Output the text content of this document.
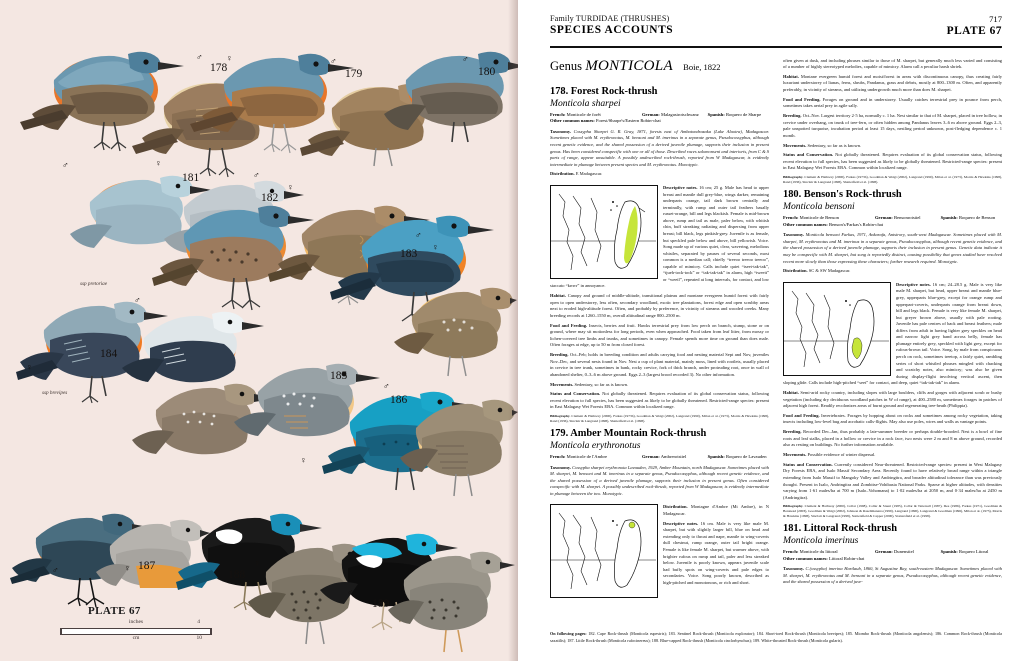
178	179	180
181
182
183
184
185
186
187
188
189
♂	♀	♂	♂
♂	♀
♂
♀
♂
♀
♂
♀
♂
♀
♂	♀	♀
♂
ssp pretoriae
ssp brevipes
PLATE 67
inches	4
cm	10
Family TURDIDAE (THRUSHES)
SPECIES ACCOUNTS
717
PLATE 67
Genus MONTICOLA Boie, 1822
178. Forest Rock-thrush
Monticola sharpei
French: Monticole de forêt	German: Malagasirotschwanz	Spanish: Roquero de Sharpe
Other common names: Forest/Sharpe's/Eastern Robin-chat

Taxonomy. Cossypha Sharpei G. R. Gray, 1871, forests east of Ambatondrazaka (Lake Alaotra), Madagascar. Sometimes placed with M. erythronotus, M. bensoni and M. imerinus in a separate genus, Pseudocossyphus, although recent genetic evidence, and the shared possession of a derived juvenile plumage, supports their inclusion in present genus. Has been considered conspecific with one or all of those. Described races salomonseni and interioris, from C & S parts of range, appear unsuitable. A possibly undescribed rock-thrush, reported from W Madagascar, is evidently intermediate in plumage between present species and M. erythronotus. Monotypic.

Distribution. E Madagascar.

Descriptive notes. 16 cm; 25 g. Male has head to upper breast and mantle dull grey-blue, wings darker, remaining underparts orange, tail dark brown centrally and terminally, with rump and outer tail feathers basally russet-orange, bill and legs blackish. Female is mid-brown above, rump and tail as male, paler below, with whitish chin, buff streaking radiating and dispersing from upper breast; bill black, legs pinkish-grey. Juvenile is as female, but speckled pale below and above, bill yellowish. Voice. Song made up of various quiet, clear, wavering, melodious whistles, separated by pauses of several seconds, most common is a median call; chiefly “treeoo treeoo treeoo”, capable of mimicry. Calls include quiet “tseet-tak-tak”, “tjueh-tock-tock” or “tak-tak-tak” in alarm, high “tweeit” or “weeil”, repeated at long intervals, for contact, and low staccato “krrrrr” in annoyance.

Habitat. Canopy and ground of middle-altitude, transitional plateau and montane evergreen humid forest with fairly open to open understorey, less often, secondary woodland, exotic tree plantations, forest edge and open scrubby areas next to eroded high-altitude forest. Often, and probably by preference, in vicinity of streams and wooded creeks. Many breeding records at 1260–1550 m, overall altitudinal range 800–2500 m.

Food and Feeding. Insects, berries and fruit. Hawks terrestrial prey from low perch on branch, stump, stone or on ground, where may sit motionless for long periods, even when approached. Food taken from leaf litter, from mossy or lichen-covered tree limbs and trunks, and sometimes in canopy. Female spends more time on ground than does male. Often forages at edge, up to 50 m from closed forest.

Breeding. Oct–Feb; holds in breeding condition and adults carrying food and nesting material Sept and Nov, juveniles Nov–Dec, and several nests found in Nov. Nest a cup of plant material, mainly moss, lined with rootlets, usually placed in crevice in tree trunk, sometimes in bank, rocky crevice, fork of thick branch, under protruding root, once in wall of abandoned shelter, 0–3–6 m above ground. Eggs 2–3 (largest brood recorded 3). No other information.

Movements. Sedentary, so far as is known.

Status and Conservation. Not globally threatened. Requires evaluation of its global conservation status, following recent elevation to full species, has been suggested as likely to be globally threatened. Restricted-range species: present in East Malagasy Wet Forests EBA. Common within localized range.

Bibliography. Clement & Hathway (2000), Farkas (1973b), Goodman & Weigt (2002), Langrand (1990), Milon et al. (1973), Morris & Hawkins (1998), Rand (1936), Sinclair & Langrand (1998), Shatterfield et al. (1998).

179. Amber Mountain Rock-thrush
Monticola erythronotus
French: Monticole de l'Ambre	German: Ambrerotstiel	Spanish: Roquero de Lavauden

Taxonomy. Cossypha sharpei erythronota Lavauden, 1929, Amber Mountain, north Madagascar. Sometimes placed with M. sharpei, M. bensoni and M. imerinus in a separate genus, Pseudocossyphus, although recent genetic evidence, and the shared possession of a derived juvenile plumage, supports their inclusion in present genus. Often considered conspecific with M. sharpei. A possibly undescribed rock-thrush, reported from W Madagascar, is evidently intermediate in plumage between the two. Monotypic.

Distribution. Montagne d'Ambre (Mt Ambre), in N Madagascar.

Descriptive notes. 16 cm. Male is very like male M. sharpei, but with slightly larger bill, blue on head and extending only to throat and nape, mantle to wing-coverts dull chestnut, rump orange, outer tail bright orange. Female is like female M. sharpei, but warmer above, with brighter rufous on rump and tail, paler and less streaked below. Juvenile is poorly known, appears juvenile scale had buffy spots on wing-coverts and pale edges to secondaries. Voice. Song poorly known, described as high-pitched and monotonous, or rich and short.

often given at dusk, and including phrases similar to those of M. sharpei, but generally much less varied and consisting of a number of highly stereotyped melodies, capable of mimicry. Alarm call a peculiar harsh shriek.

Habitat. Montane evergreen humid forest and moist/forest in areas with discontinuous canopy, thus creating fairly luxuriant understorey of lianas, ferns, shrubs, Pandanus, grass and debris, mostly at 800–1300 m. Often, and apparently preferably, in vicinity of streams, and utilizing undergrowth much more than does M. sharpei.

Food and Feeding. Forages on ground and in understorey. Usually catches terrestrial prey in pounce from perch, sometimes takes aerial prey in agile sally.

Breeding. Oct–Nov. Largest territory 2·5 ha, normally c. 1 ha. Nest similar to that of M. sharpei, placed in tree hollow, in crevice under overhang, on trunk of tree-fern, or often hidden among Pandanus leaves 3–6 m above ground. Eggs 2–3, pale unspotted turquoise, incubation period at least 15 days, nestling period unknown, post-fledging dependence c. 1 month.

Movements. Sedentary, so far as is known.

Status and Conservation. Not globally threatened. Requires evaluation of its global conservation status, following recent elevation to full species, has been suggested as likely to be globally threatened. Restricted-range species: present in East Malagasy Wet Forests EBA. Common within localized range.

Bibliography. Clement & Hathway (2000), Farkas (1973b), Goodman & Weigt (2002), Langrand (1990), Milon et al. (1973), Morris & Hawkins (1998), Rand (1936), Sinclair & Langrand (1998), Shatterfield et al. (1998).

180. Benson's Rock-thrush
Monticola bensoni
French: Monticole de Benson	German: Bensonrotstiel	Spanish: Roquero de Benson
Other common names: Benson's/Farkas's Robin-chat

Taxonomy. Monticola bensoni Farkas, 1971, Ankarafa, Antsirory, south-west Madagascar. Sometimes placed with M. sharpei, M. erythronotus and M. imerinus in a separate genus, Pseudocossyphus, although recent genetic evidence, and the shared possession of a derived juvenile plumage, supports their inclusion in present genus. Genetic data indicate it may be conspecific with M. sharpei, but song is reportedly distinct, causing possibility that genes studied have resolved recent more slowly than those expressing these characters; further research required. Monotypic.

Distribution. SC & SW Madagascar.

Descriptive notes. 16 cm; 24–28.5 g. Male is very like male M. sharpei, but head, upper breast and mantle blue-grey, upperparts blue-grey, except for orange rump and upperpart-coverts, underparts orange from breast down, bill and legs black. Female is very like female M. sharpei, but greyer brown above, usually with pale rooting. Juvenile has pale centres of back and breast feathers; male differs from adult in having lighter grey speckles on head and narrow light grey band across belly, female has plumage entirely grey, speckled with light grey, except for rufous-brown tail. Voice. Song, by male from conspicuous perch on rock, sometimes treetop, a fairly quiet, rambling series of short whistled phrases mingled with chacking and scratchy notes, also mimicry; was also be given during display-flight involving vertical ascent, then sloping glide. Calls include high-pitched “seet” for contact, and deep, quiet “tak-tak-tak” in alarm.

Habitat. Semi-arid rocky country, including slopes with large boulders, cliffs and gorges with adjacent scrub or bushy vegetation (including dry deciduous woodland patches in W of range), at 400–2580 m, sometimes forages in patches of adjacent high forest. Readily recolonizes areas of burnt ground and regenerating tree-heath (Philippia).

Food and Feeding. Invertebrates. Forages by hopping about on rocks and sometimes among rocky vegetation, taking insects including low-level bug and acrobatic calls-flights. May also use poles, wires and walls as vantage points.

Breeding. Recorded Dec–Jan, thus probably a late-summer breeder or perhaps double-brooded. Nest is a bowl of fine roots and leaf stalks, placed in a hollow or crevice in a rock face, two nests were 2 m and 8 m above ground, recorded also as resting on buildings. No further information available.

Movements. Possible evidence of winter dispersal.

Status and Conservation. Currently considered Near-threatened. Restricted-range species: present in West Malagasy Dry Forests EBA, and Isalo Massif Secondary Area. Recently found to have relatively broad range within a triangle extending from Isalo Massif to Mangoky Valley and Andringitra, and broader altitudinal tolerance than was previously thought. Present in Isalo, Andringitra and Zombitse-Vohibasia National Parks. Sparse at higher altitudes, with densities varying from 1·61 males/ha at 700 m (Isalo–Vohomana) to 1·02 males/ha at 2050 m, and 0·34 males/ha at 2450 m (Andringitra).

Bibliography. Clement & Hathway (2000), Collar (1998), Collar & Stuart (1985), Collar & Tattersall (1987), Dee (1986), Farkas (1971), Goodman & Bonstead (2003), Goodman & Weigt (2002), Johnson & Raselimanana (1999), Langrand (1990), Langrand & Goodman (1996), Milon et al. (1973), Morris & Hawkins (1998), Sinclair & Langrand (1998), Stattersfield & Capper (2000), Stattersfield et al. (1998).

181. Littoral Rock-thrush
Monticola imerinus
French: Monticole du littoral	German: Dunenstiel	Spanish: Roquero Litoral
Other common names: Littoral Robin-chat

Taxonomy. C.(ossypha) imerina Hartlaub, 1860, St Augustine Bay, south-eastern Madagascar. Sometimes placed with M. sharpei, M. erythronotus and M. bensoni in a separate genus, Pseudocossyphus, although recent genetic evidence, and the shared possession of a derived juve-

On following pages: 182. Cape Rock-thrush (Monticola rupestris); 183. Sentinel Rock-thrush (Monticola explorator); 184. Short-toed Rock-thrush (Monticola brevipes); 185. Miombo Rock-thrush (Monticola angolensis); 186. Common Rock-thrush (Monticola saxatilis); 187. Little Rock-thrush (Monticola rufocinereus); 188. Blue-capped Rock-thrush (Monticola cinclorhynchus); 189. White-throated Rock-thrush (Monticola gularis).
